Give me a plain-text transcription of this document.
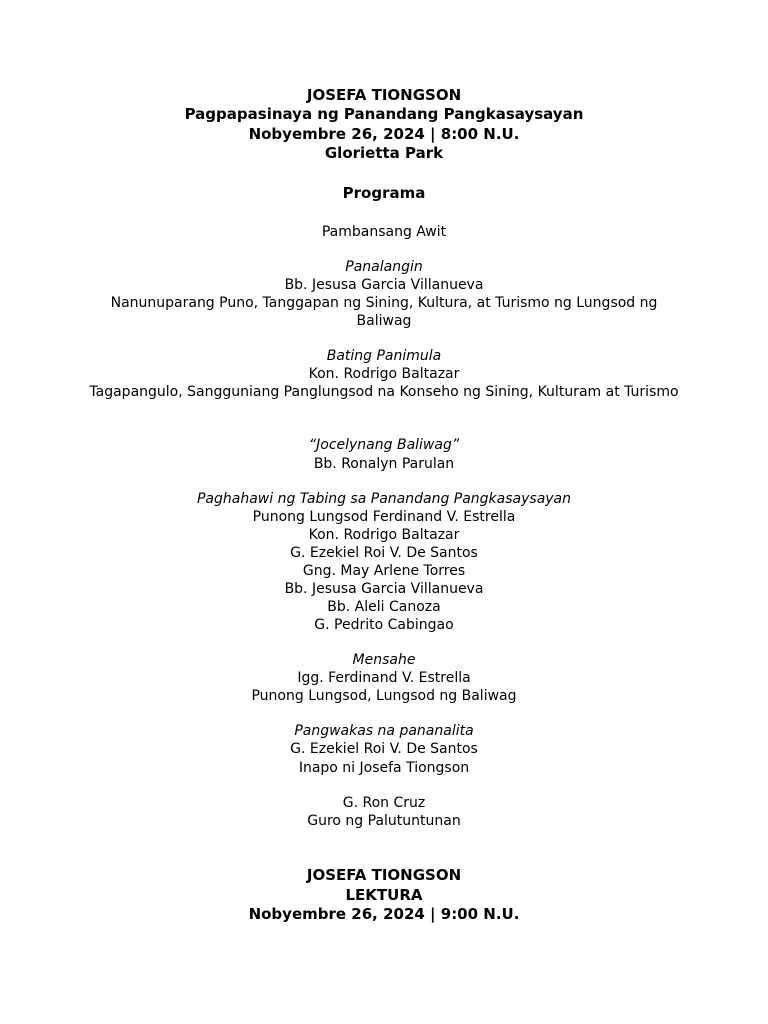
JOSEFA TIONGSON
Pagpapasinaya ng Panandang Pangkasaysayan
Nobyembre 26, 2024 | 8:00 N.U.
Glorietta Park
Programa
Pambansang Awit
Panalangin
Bb. Jesusa Garcia Villanueva
Nanunuparang Puno, Tanggapan ng Sining, Kultura, at Turismo ng Lungsod ng Baliwag
Bating Panimula
Kon. Rodrigo Baltazar
Tagapangulo, Sangguniang Panglungsod na Konseho ng Sining, Kulturam at Turismo
“Jocelynang Baliwag”
Bb. Ronalyn Parulan
Paghahawi ng Tabing sa Panandang Pangkasaysayan
Punong Lungsod Ferdinand V. Estrella
Kon. Rodrigo Baltazar
G. Ezekiel Roi V. De Santos
Gng. May Arlene Torres
Bb. Jesusa Garcia Villanueva
Bb. Aleli Canoza
G. Pedrito Cabingao
Mensahe
Igg. Ferdinand V. Estrella
Punong Lungsod, Lungsod ng Baliwag
Pangwakas na pananalita
G. Ezekiel Roi V. De Santos
Inapo ni Josefa Tiongson
G. Ron Cruz
Guro ng Palutuntunan
JOSEFA TIONGSON
LEKTURA
Nobyembre 26, 2024 | 9:00 N.U.
